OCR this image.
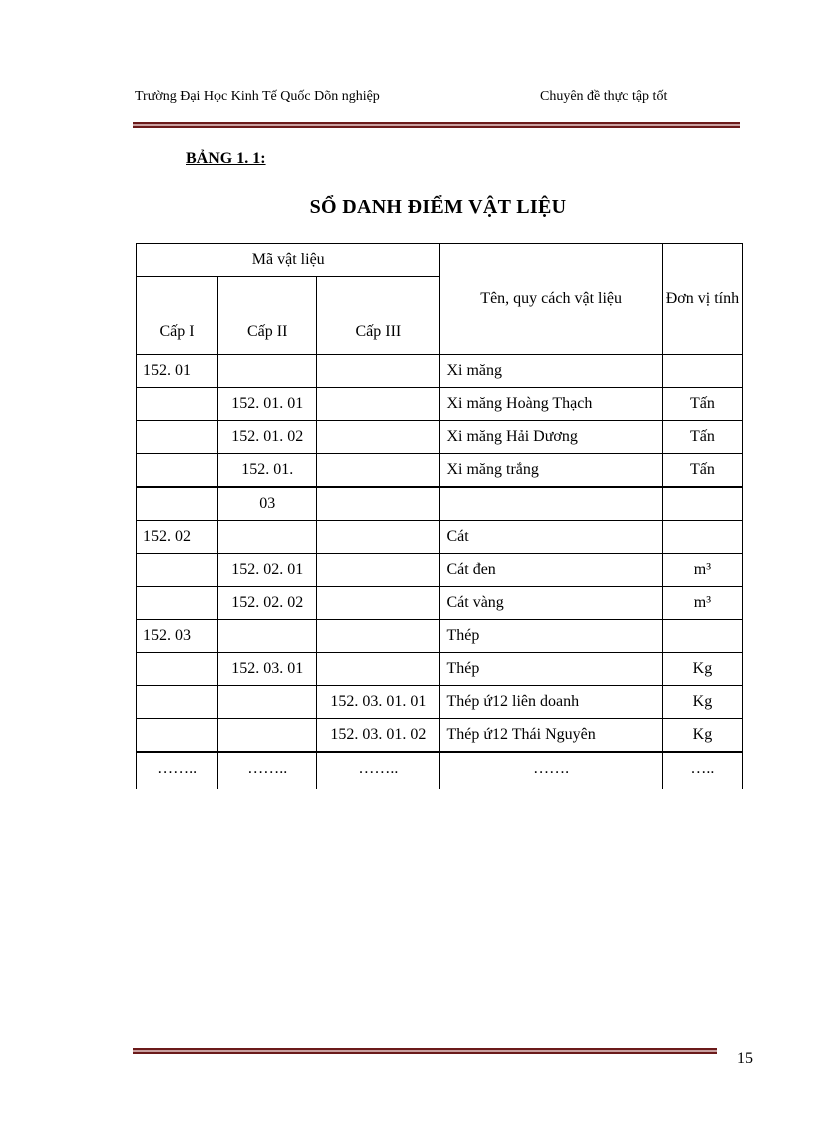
Trường Đại Học Kinh Tế Quốc Dõn nghiệp	Chuyên đề thực tập tốt
BẢNG 1. 1:
SỔ DANH ĐIỂM VẬT LIỆU
Mã vật liệu			Tên, quy cách vật liệu	Đơn vị tính
Cấp I	Cấp II	Cấp III		
152. 01			Xi măng	
	152. 01. 01		Xi măng Hoàng Thạch	Tấn
	152. 01. 02		Xi măng Hải Dương	Tấn
	152. 01.		Xi măng trắng	Tấn
	03			
152. 02			Cát	
	152. 02. 01		Cát đen	m³
	152. 02. 02		Cát vàng	m³
152. 03			Thép	
	152. 03. 01		Thép	Kg
		152. 03. 01. 01	Thép ứ12 liên doanh	Kg
		152. 03. 01. 02	Thép ứ12 Thái Nguyên	Kg
……..	……..	……..	…….	…..
15
